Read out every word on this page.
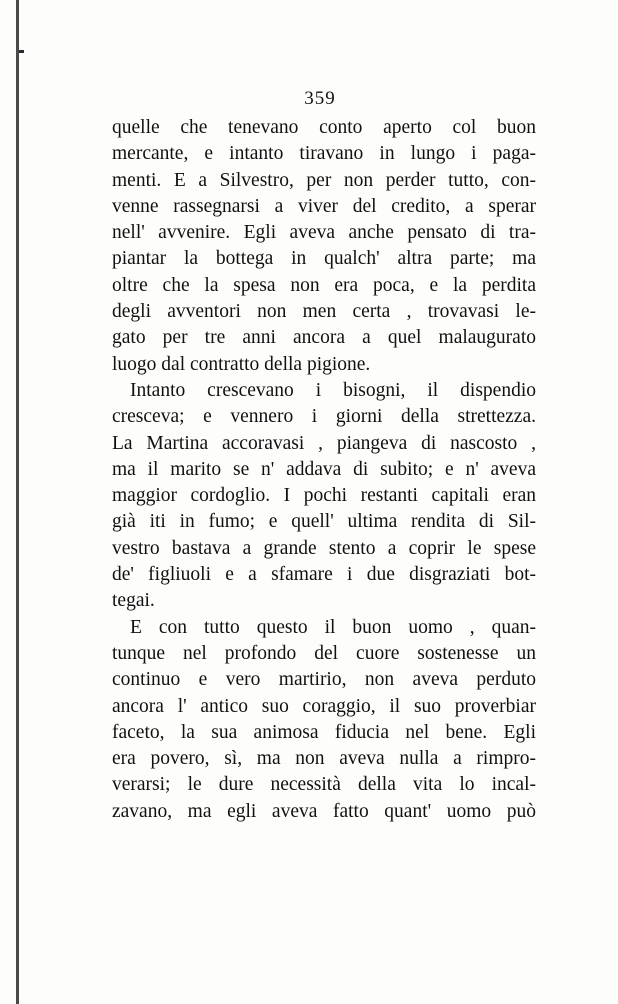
359
quelle che tenevano conto aperto col buon
mercante, e intanto tiravano in lungo i paga-
menti. E a Silvestro, per non perder tutto, con-
venne rassegnarsi a viver del credito, a sperar
nell' avvenire. Egli aveva anche pensato di tra-
piantar la bottega in qualch' altra parte; ma
oltre che la spesa non era poca, e la perdita
degli avventori non men certa , trovavasi le-
gato per tre anni ancora a quel malaugurato
luogo dal contratto della pigione.
Intanto crescevano i bisogni, il dispendio
cresceva; e vennero i giorni della strettezza.
La Martina accoravasi , piangeva di nascosto ,
ma il marito se n' addava di subito; e n' aveva
maggior cordoglio. I pochi restanti capitali eran
già iti in fumo; e quell' ultima rendita di Sil-
vestro bastava a grande stento a coprir le spese
de' figliuoli e a sfamare i due disgraziati bot-
tegai.
E con tutto questo il buon uomo , quan-
tunque nel profondo del cuore sostenesse un
continuo e vero martirio, non aveva perduto
ancora l' antico suo coraggio, il suo proverbiar
faceto, la sua animosa fiducia nel bene. Egli
era povero, sì, ma non aveva nulla a rimpro-
verarsi; le dure necessità della vita lo incal-
zavano, ma egli aveva fatto quant' uomo può
